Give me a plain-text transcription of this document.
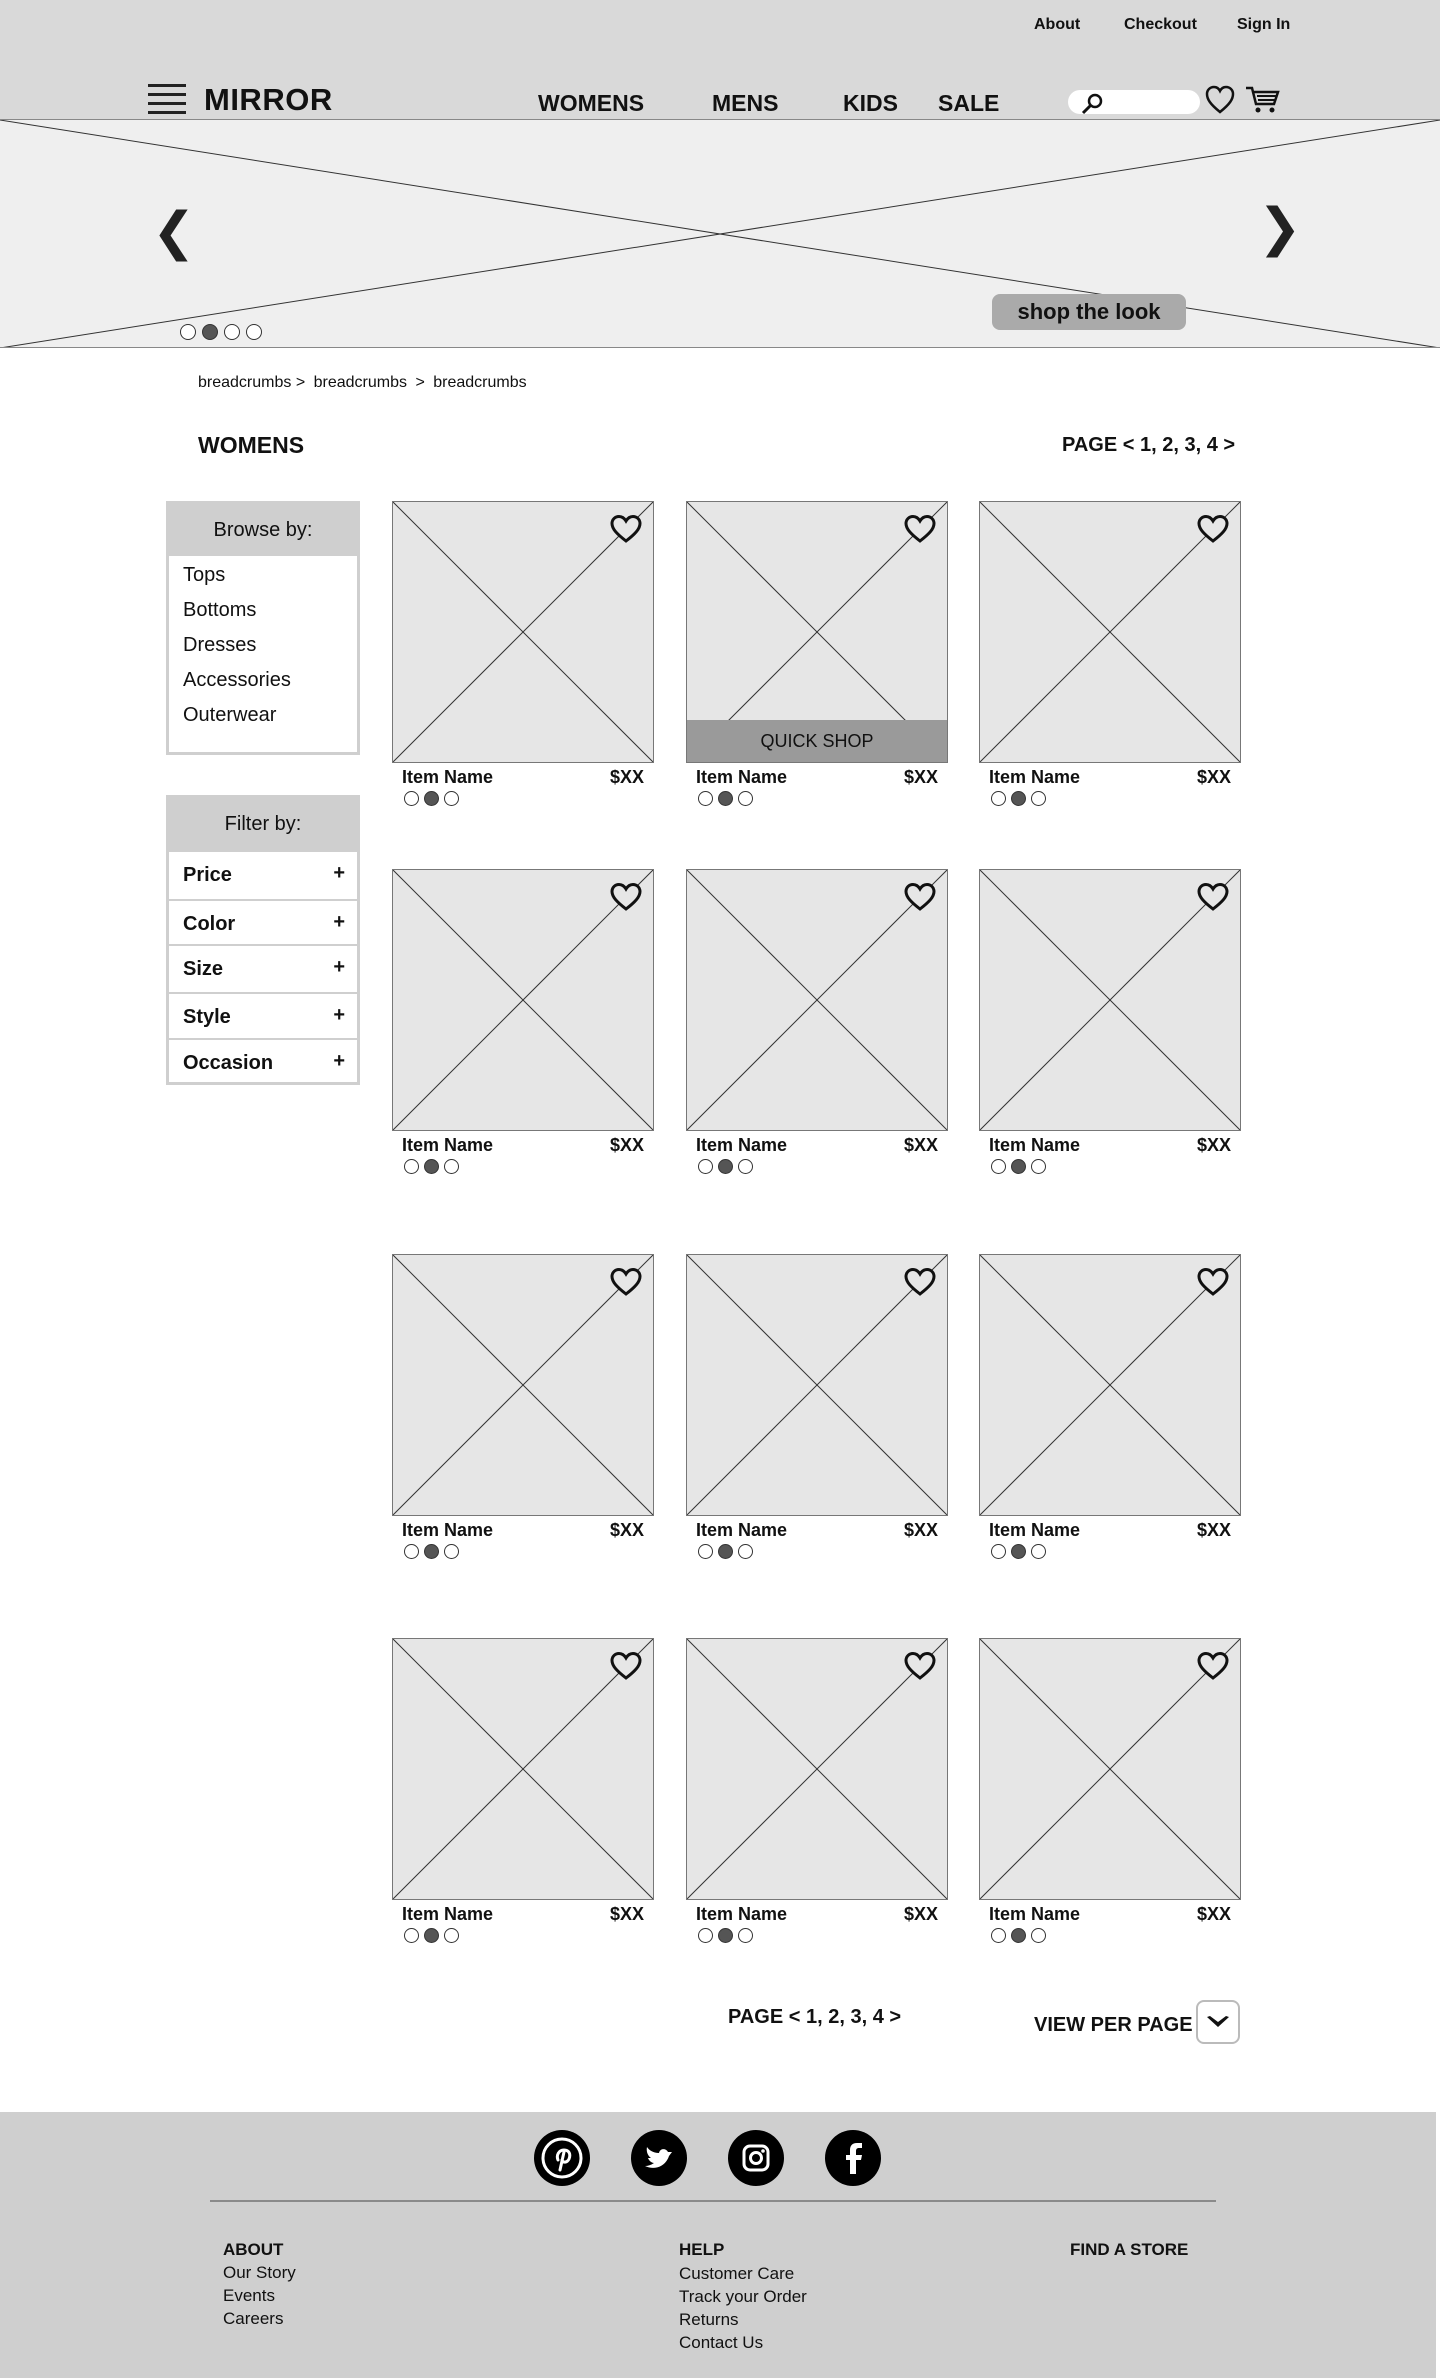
About	Checkout	Sign In
MIRROR	WOMENS	MENS	KIDS SALE
❮	❯
shop the look
breadcrumbs > breadcrumbs > breadcrumbs
WOMENS	PAGE < 1, 2, 3, 4 >
Browse by:
Tops
Bottoms
Dresses
Accessories
Outerwear
Filter by:
Price	+
Color	+
Size	+
Style	+
Occasion	+
Item Name	$XX
QUICK SHOP
Item Name	$XX	Item Name	$XX
Item Name	$XX	Item Name	$XX	Item Name	$XX
Item Name	$XX	Item Name	$XX	Item Name	$XX
Item Name	$XX	Item Name	$XX	Item Name	$XX
PAGE < 1, 2, 3, 4 >	VIEW PER PAGE
ABOUT
Our Story
Events
Careers
HELP
Customer Care
Track your Order
Returns
Contact Us
FIND A STORE
